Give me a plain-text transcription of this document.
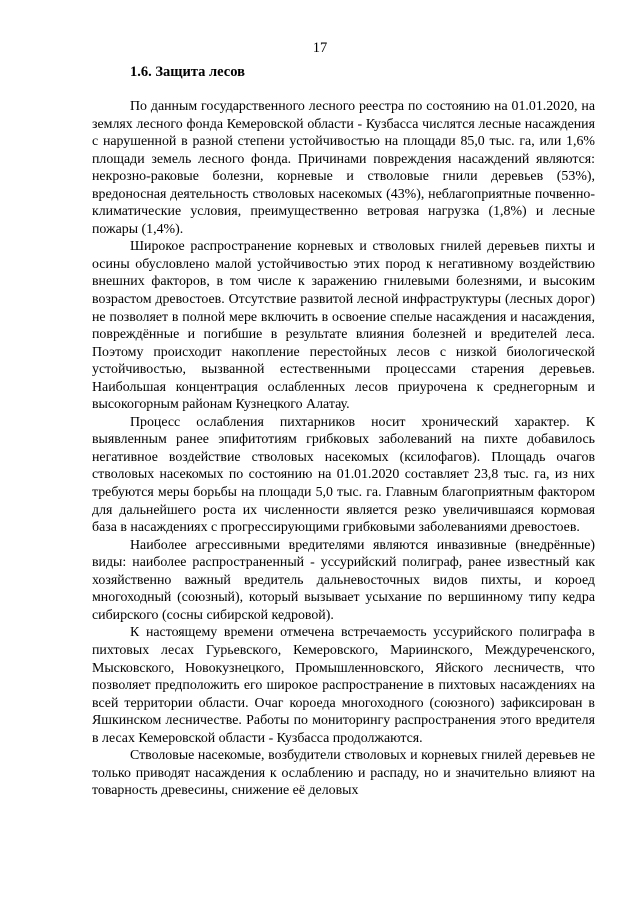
17
1.6. Защита лесов

По данным государственного лесного реестра по состоянию на 01.01.2020, на землях лесного фонда Кемеровской области - Кузбасса числятся лесные насаждения с нарушенной в разной степени устойчивостью на площади 85,0 тыс. га, или 1,6% площади земель лесного фонда. Причинами повреждения насаждений являются: некрозно-раковые болезни, корневые и стволовые гнили деревьев (53%), вредоносная деятельность стволовых насекомых (43%), неблагоприятные почвенно-климатические условия, преимущественно ветровая нагрузка (1,8%) и лесные пожары (1,4%).

Широкое распространение корневых и стволовых гнилей деревьев пихты и осины обусловлено малой устойчивостью этих пород к негативному воздействию внешних факторов, в том числе к заражению гнилевыми болезнями, и высоким возрастом древостоев. Отсутствие развитой лесной инфраструктуры (лесных дорог) не позволяет в полной мере включить в освоение спелые насаждения и насаждения, повреждённые и погибшие в результате влияния болезней и вредителей леса. Поэтому происходит накопление перестойных лесов с низкой биологической устойчивостью, вызванной естественными процессами старения деревьев. Наибольшая концентрация ослабленных лесов приурочена к среднегорным и высокогорным районам Кузнецкого Алатау.

Процесс ослабления пихтарников носит хронический характер. К выявленным ранее эпифитотиям грибковых заболеваний на пихте добавилось негативное воздействие стволовых насекомых (ксилофагов). Площадь очагов стволовых насекомых по состоянию на 01.01.2020 составляет 23,8 тыс. га, из них требуются меры борьбы на площади 5,0 тыс. га. Главным благоприятным фактором для дальнейшего роста их численности является резко увеличившаяся кормовая база в насаждениях с прогрессирующими грибковыми заболеваниями древостоев.

Наиболее агрессивными вредителями являются инвазивные (внедрённые) виды: наиболее распространенный - уссурийский полиграф, ранее известный как хозяйственно важный вредитель дальневосточных видов пихты, и короед многоходный (союзный), который вызывает усыхание по вершинному типу кедра сибирского (сосны сибирской кедровой).

К настоящему времени отмечена встречаемость уссурийского полиграфа в пихтовых лесах Гурьевского, Кемеровского, Мариинского, Междуреченского, Мысковского, Новокузнецкого, Промышленновского, Яйского лесничеств, что позволяет предположить его широкое распространение в пихтовых насаждениях на всей территории области. Очаг короеда многоходного (союзного) зафиксирован в Яшкинском лесничестве. Работы по мониторингу распространения этого вредителя в лесах Кемеровской области - Кузбасса продолжаются.

Стволовые насекомые, возбудители стволовых и корневых гнилей деревьев не только приводят насаждения к ослаблению и распаду, но и значительно влияют на товарность древесины, снижение её деловых
